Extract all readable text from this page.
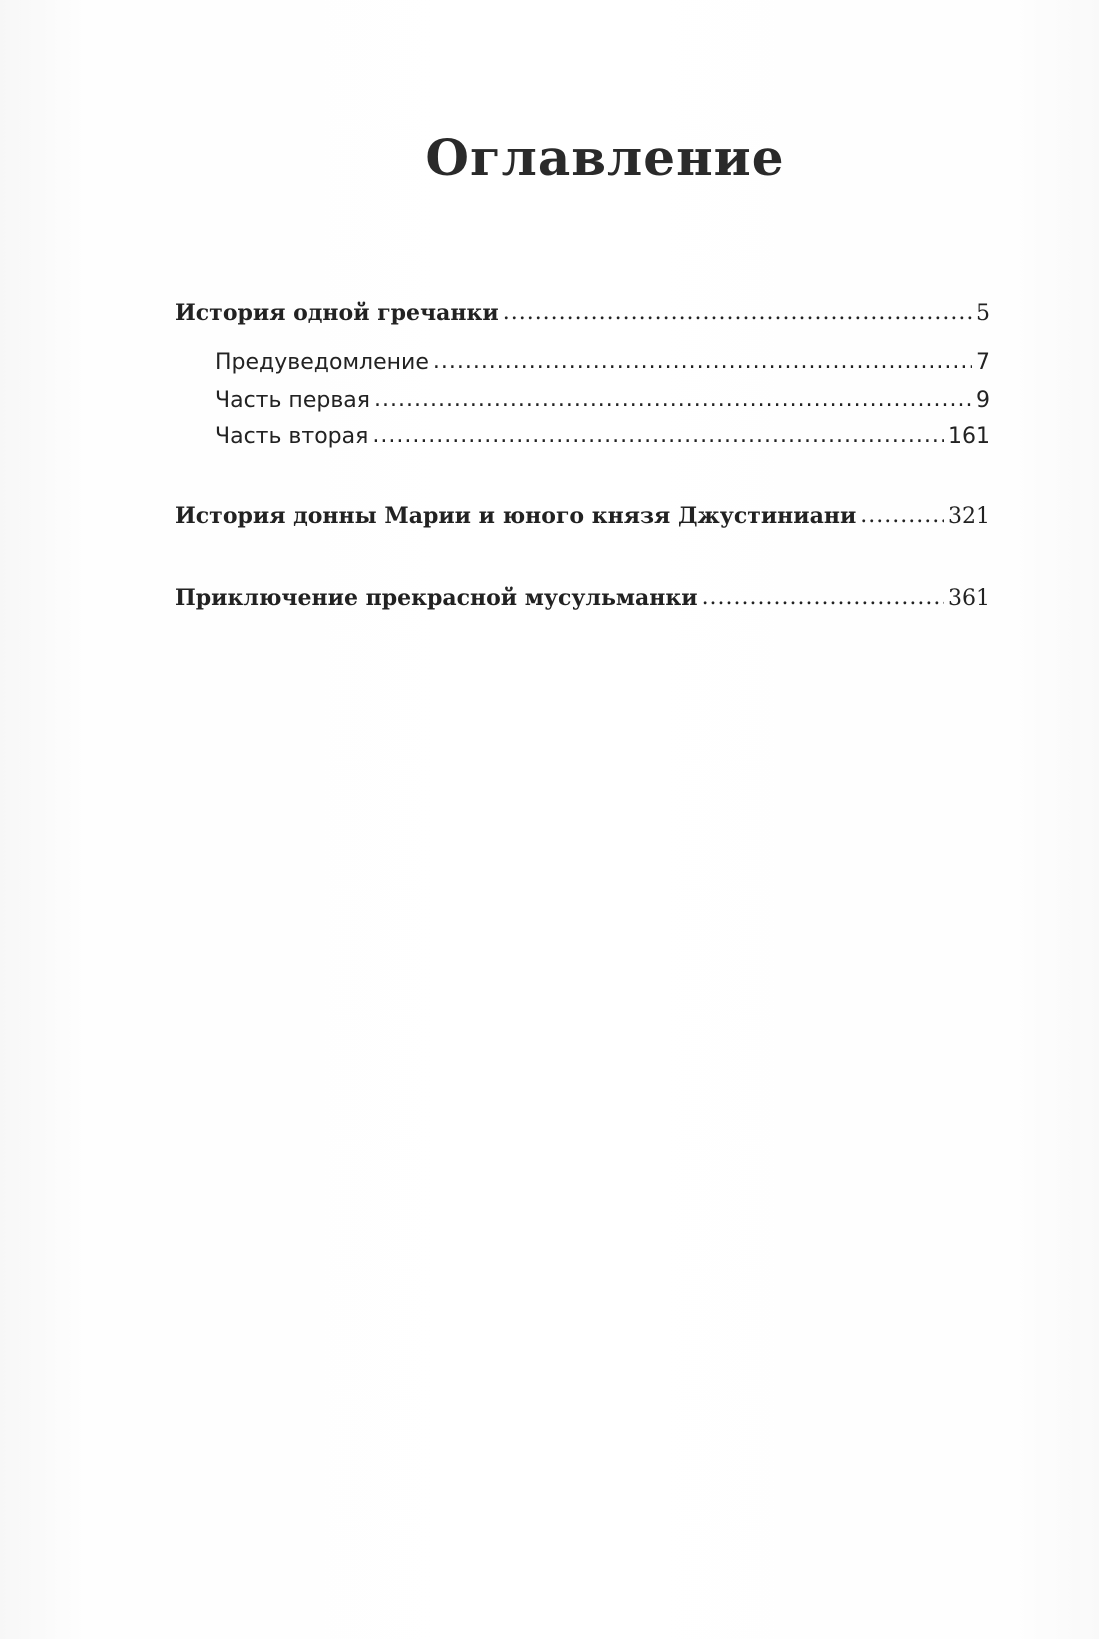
Оглавление
История одной гречанки .....	5
Предуведомление .....	7
Часть первая .....	9
Часть вторая .....	161
История донны Марии и юного князя Джустиниани .....	321
Приключение прекрасной мусульманки .....	361
